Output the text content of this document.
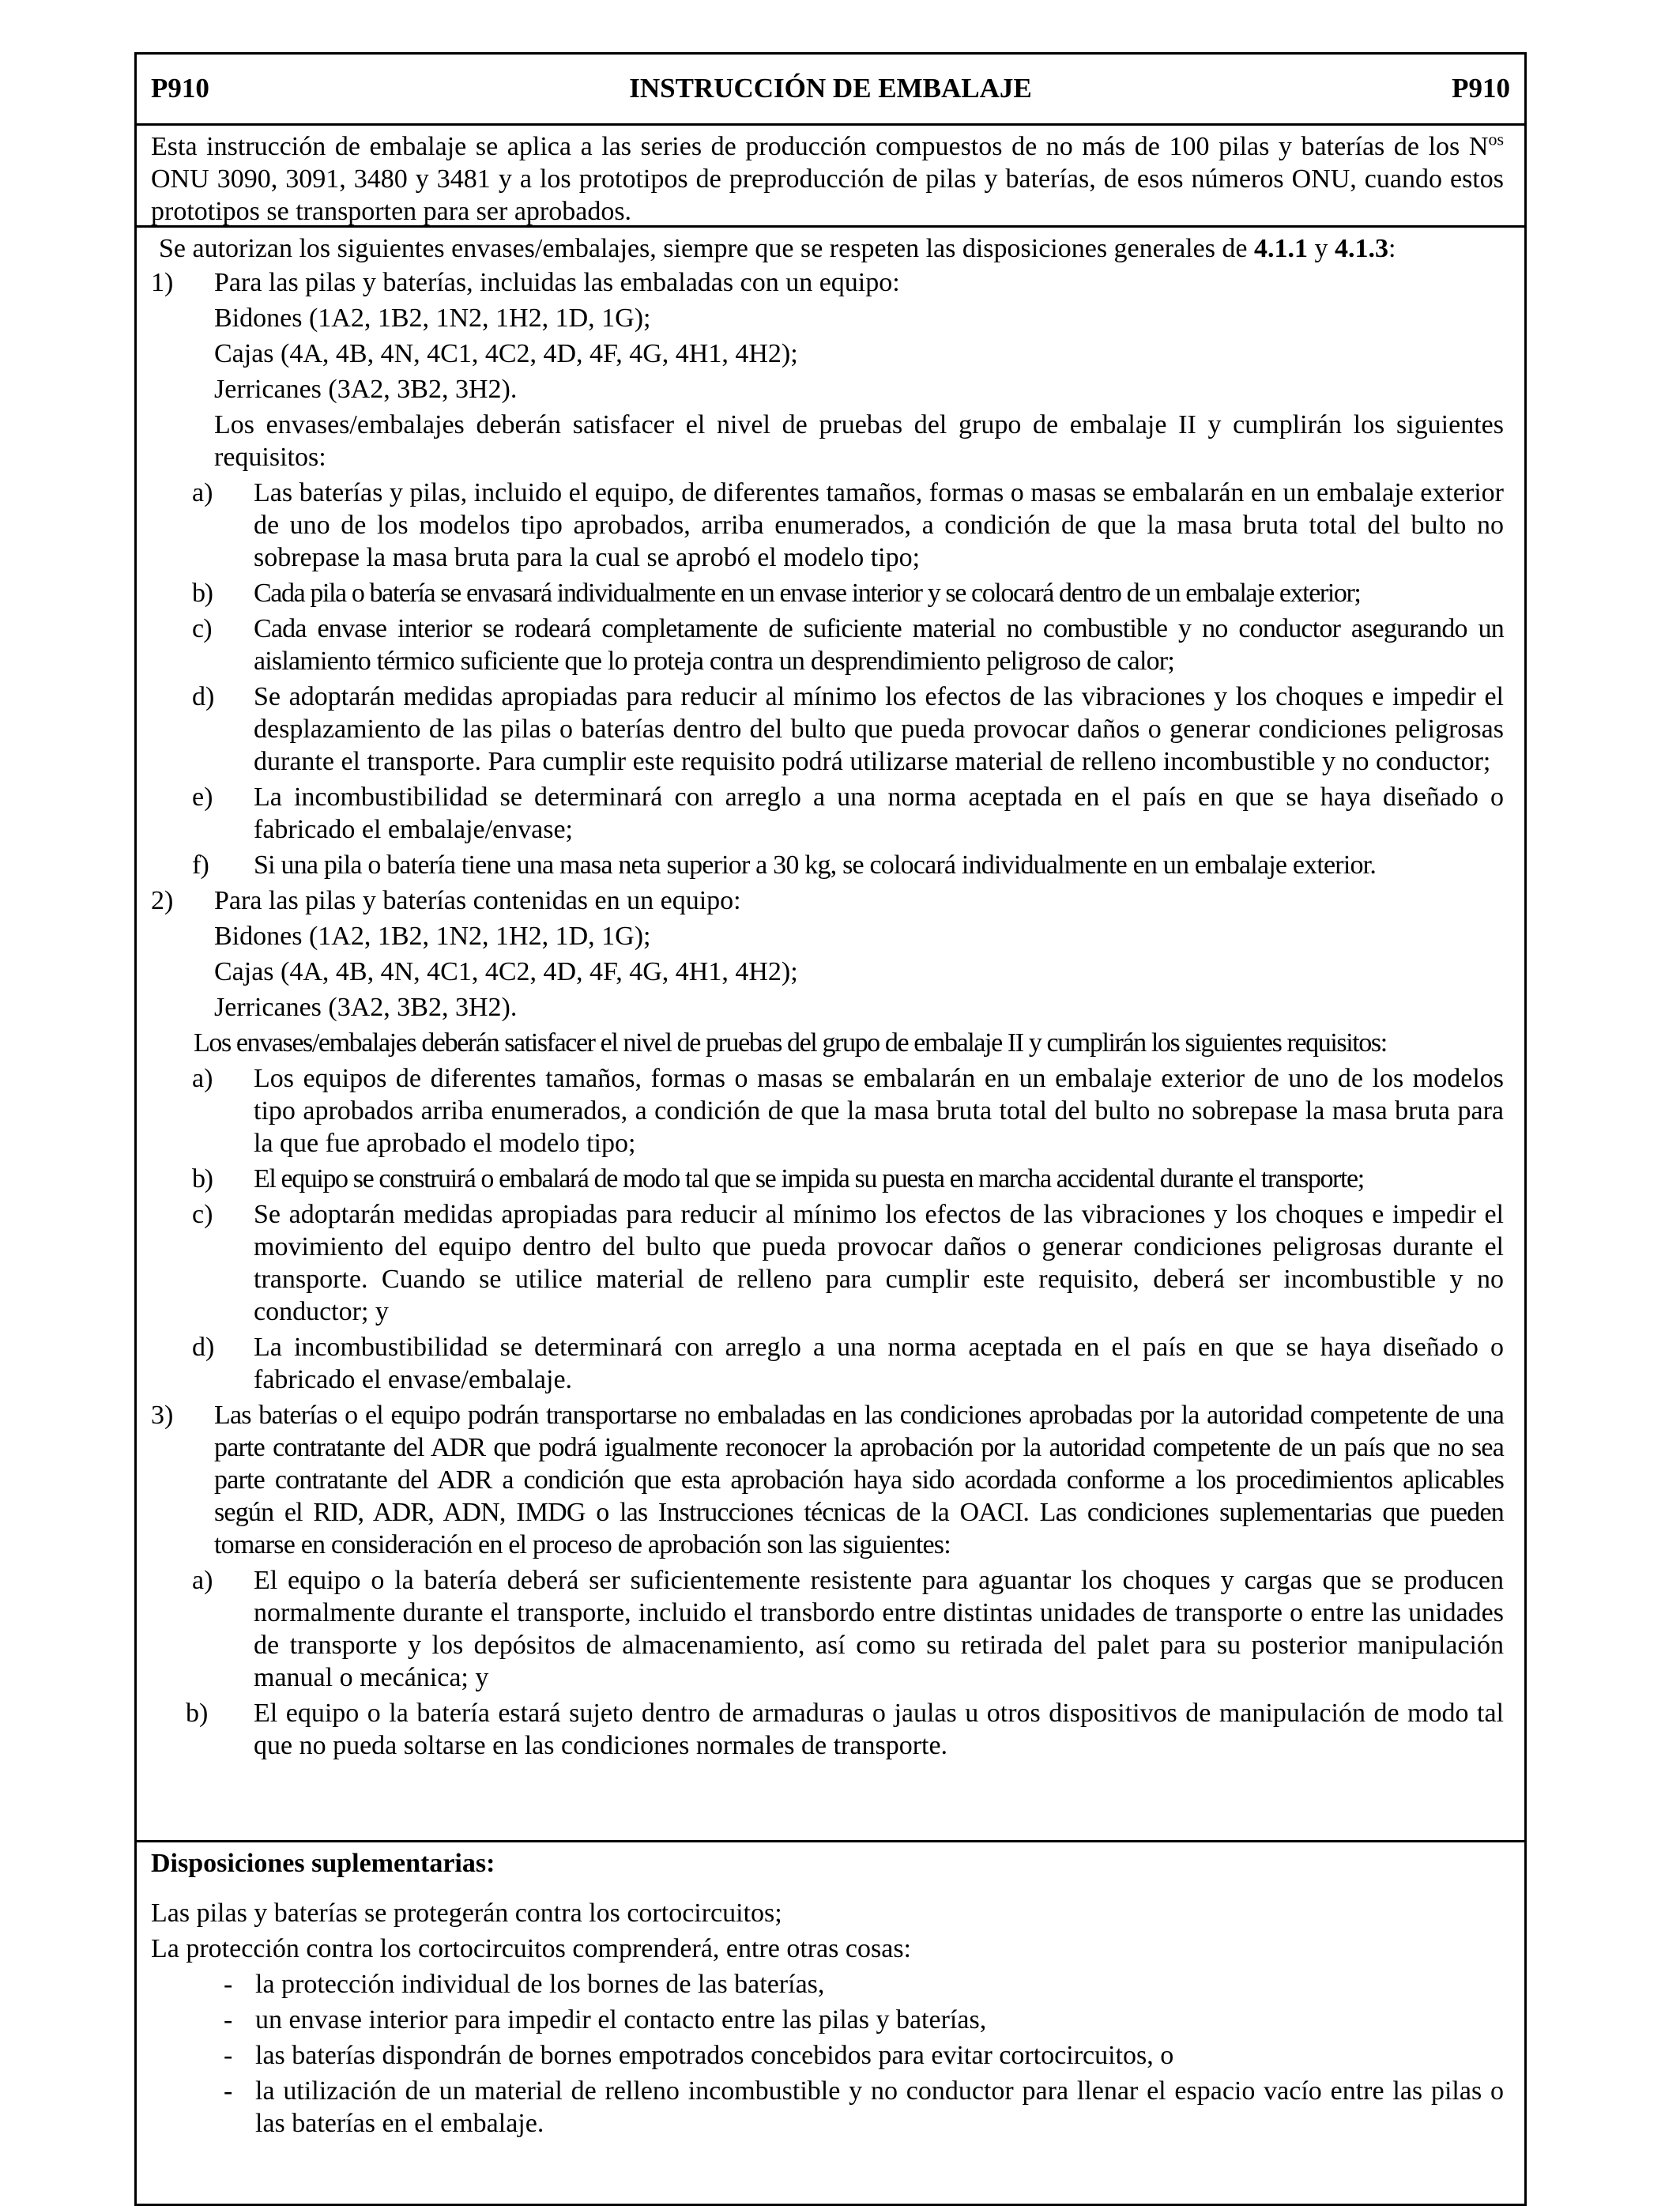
P910	INSTRUCCIÓN DE EMBALAJE	P910
Esta instrucción de embalaje se aplica a las series de producción compuestos de no más de 100 pilas y baterías de los $N^{os}$ ONU 3090, 3091, 3480 y 3481 y a los prototipos de preproducción de pilas y baterías, de esos números ONU, cuando estos prototipos se transporten para ser aprobados.
Se autorizan los siguientes envases/embalajes, siempre que se respeten las disposiciones generales de 4.1.1 y 4.1.3:
1)	Para las pilas y baterías, incluidas las embaladas con un equipo:
Bidones (1A2, 1B2, 1N2, 1H2, 1D, 1G);
Cajas (4A, 4B, 4N, 4C1, 4C2, 4D, 4F, 4G, 4H1, 4H2);
Jerricanes (3A2, 3B2, 3H2).
Los envases/embalajes deberán satisfacer el nivel de pruebas del grupo de embalaje II y cumplirán los siguientes requisitos:
a) Las baterías y pilas, incluido el equipo, de diferentes tamaños, formas o masas se embalarán en un embalaje exterior de uno de los modelos tipo aprobados, arriba enumerados, a condición de que la masa bruta total del bulto no sobrepase la masa bruta para la cual se aprobó el modelo tipo;
b) Cada pila o batería se envasará individualmente en un envase interior y se colocará dentro de un embalaje exterior;
c) Cada envase interior se rodeará completamente de suficiente material no combustible y no conductor asegurando un aislamiento térmico suficiente que lo proteja contra un desprendimiento peligroso de calor;
d) Se adoptarán medidas apropiadas para reducir al mínimo los efectos de las vibraciones y los choques e impedir el desplazamiento de las pilas o baterías dentro del bulto que pueda provocar daños o generar condiciones peligrosas durante el transporte. Para cumplir este requisito podrá utilizarse material de relleno incombustible y no conductor;
e) La incombustibilidad se determinará con arreglo a una norma aceptada en el país en que se haya diseñado o fabricado el embalaje/envase;
f) Si una pila o batería tiene una masa neta superior a 30 kg, se colocará individualmente en un embalaje exterior.
2)	Para las pilas y baterías contenidas en un equipo:
Bidones (1A2, 1B2, 1N2, 1H2, 1D, 1G);
Cajas (4A, 4B, 4N, 4C1, 4C2, 4D, 4F, 4G, 4H1, 4H2);
Jerricanes (3A2, 3B2, 3H2).
Los envases/embalajes deberán satisfacer el nivel de pruebas del grupo de embalaje II y cumplirán los siguientes requisitos:
a) Los equipos de diferentes tamaños, formas o masas se embalarán en un embalaje exterior de uno de los modelos tipo aprobados arriba enumerados, a condición de que la masa bruta total del bulto no sobrepase la masa bruta para la que fue aprobado el modelo tipo;
b) El equipo se construirá o embalará de modo tal que se impida su puesta en marcha accidental durante el transporte;
c) Se adoptarán medidas apropiadas para reducir al mínimo los efectos de las vibraciones y los choques e impedir el movimiento del equipo dentro del bulto que pueda provocar daños o generar condiciones peligrosas durante el transporte. Cuando se utilice material de relleno para cumplir este requisito, deberá ser incombustible y no conductor; y
d) La incombustibilidad se determinará con arreglo a una norma aceptada en el país en que se haya diseñado o fabricado el envase/embalaje.
3)	Las baterías o el equipo podrán transportarse no embaladas en las condiciones aprobadas por la autoridad competente de una parte contratante del ADR que podrá igualmente reconocer la aprobación por la autoridad competente de un país que no sea parte contratante del ADR a condición que esta aprobación haya sido acordada conforme a los procedimientos aplicables según el RID, ADR, ADN, IMDG o las Instrucciones técnicas de la OACI. Las condiciones suplementarias que pueden tomarse en consideración en el proceso de aprobación son las siguientes:
a) El equipo o la batería deberá ser suficientemente resistente para aguantar los choques y cargas que se producen normalmente durante el transporte, incluido el transbordo entre distintas unidades de transporte o entre las unidades de transporte y los depósitos de almacenamiento, así como su retirada del palet para su posterior manipulación manual o mecánica; y
b) El equipo o la batería estará sujeto dentro de armaduras o jaulas u otros dispositivos de manipulación de modo tal que no pueda soltarse en las condiciones normales de transporte.
Disposiciones suplementarias:
Las pilas y baterías se protegerán contra los cortocircuitos;
La protección contra los cortocircuitos comprenderá, entre otras cosas:
- la protección individual de los bornes de las baterías,
- un envase interior para impedir el contacto entre las pilas y baterías,
- las baterías dispondrán de bornes empotrados concebidos para evitar cortocircuitos, o
- la utilización de un material de relleno incombustible y no conductor para llenar el espacio vacío entre las pilas o las baterías en el embalaje.
